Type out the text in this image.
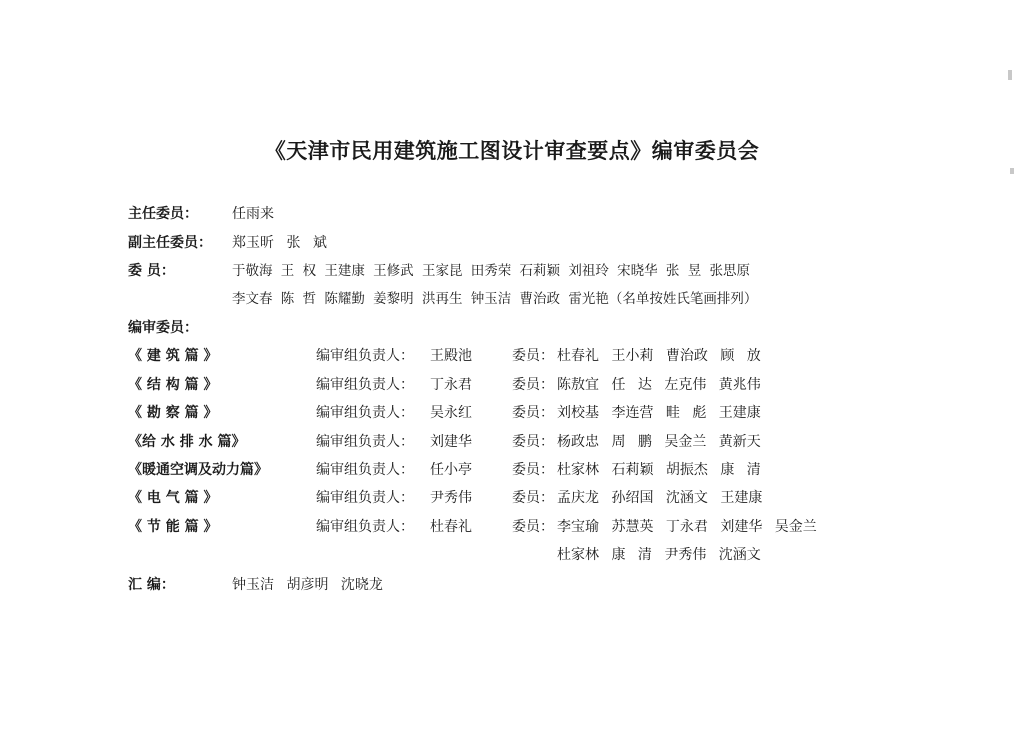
《天津市民用建筑施工图设计审查要点》编审委员会
主任委员： 任雨来
副主任委员： 郑玉昕 张 斌
委 员：	于敬海 王 权 王建康 王修武 王家昆 田秀荣 石莉颖 刘祖玲 宋晓华 张 昱 张思原
李文春 陈 哲 陈耀勤 姜黎明 洪再生 钟玉洁 曹治政 雷光艳（名单按姓氏笔画排列）
编审委员：
《 建 筑 篇 》	编审组负责人： 王殿池	委员： 杜春礼 王小莉 曹治政 顾 放
《 结 构 篇 》	编审组负责人： 丁永君	委员： 陈敖宜 任 达 左克伟 黄兆伟
《 勘 察 篇 》	编审组负责人： 吴永红	委员： 刘校基 李连营 畦 彪 王建康
《给 水 排 水 篇》	编审组负责人： 刘建华	委员： 杨政忠 周 鹏 吴金兰 黄新天
《暖通空调及动力篇》	编审组负责人： 任小亭	委员： 杜家林 石莉颖 胡振杰 康 清
《 电 气 篇 》	编审组负责人： 尹秀伟	委员： 孟庆龙 孙绍国 沈涵文 王建康
《 节 能 篇 》	编审组负责人： 杜春礼	委员： 李宝瑜 苏慧英 丁永君 刘建华 吴金兰
杜家林 康 清 尹秀伟 沈涵文
汇 编：	钟玉洁 胡彦明 沈晓龙
